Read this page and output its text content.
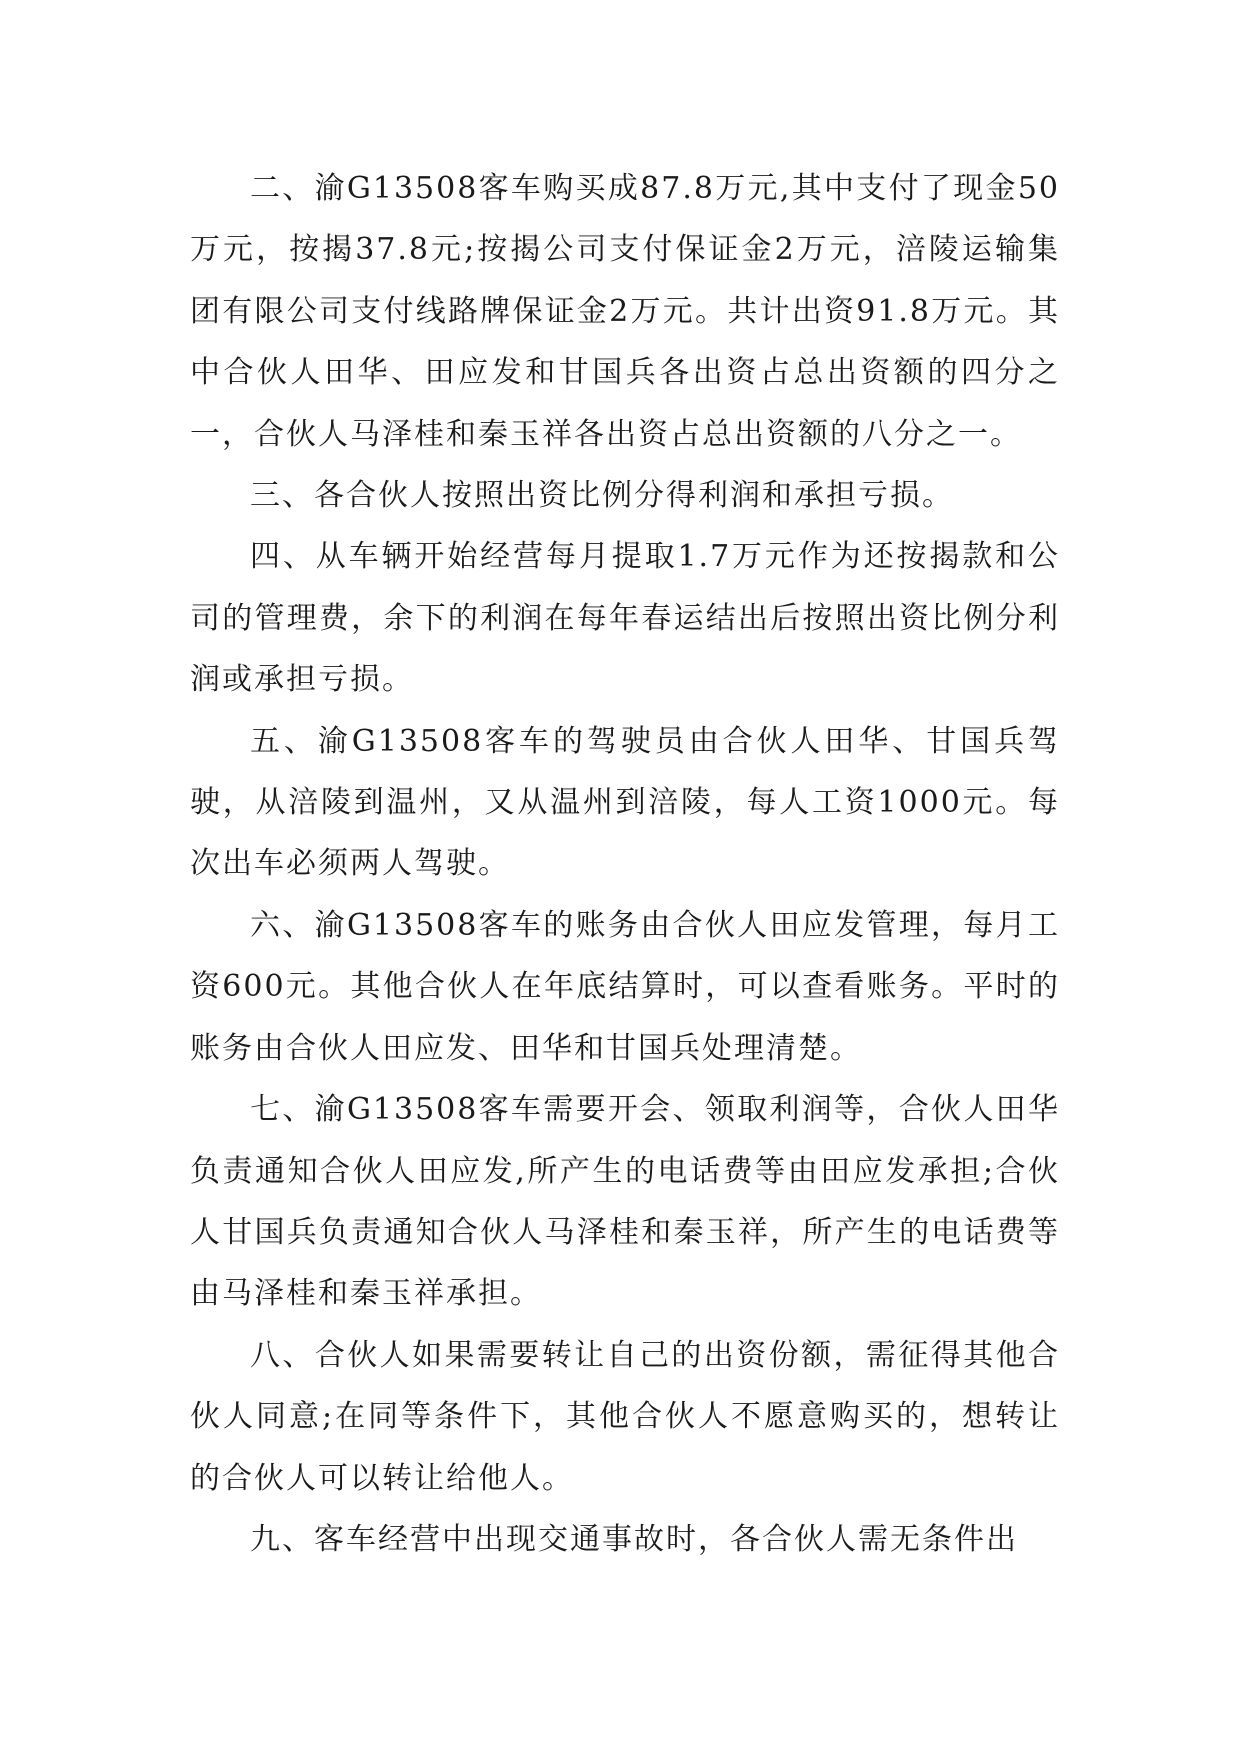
二、渝G13508客车购买成87.8万元,其中支付了现金50万元，按揭37.8元;按揭公司支付保证金2万元，涪陵运输集团有限公司支付线路牌保证金2万元。共计出资91.8万元。其中合伙人田华、田应发和甘国兵各出资占总出资额的四分之一，合伙人马泽桂和秦玉祥各出资占总出资额的八分之一。

三、各合伙人按照出资比例分得利润和承担亏损。

四、从车辆开始经营每月提取1.7万元作为还按揭款和公司的管理费，余下的利润在每年春运结出后按照出资比例分利润或承担亏损。

五、渝G13508客车的驾驶员由合伙人田华、甘国兵驾驶，从涪陵到温州，又从温州到涪陵，每人工资1000元。每次出车必须两人驾驶。

六、渝G13508客车的账务由合伙人田应发管理，每月工资600元。其他合伙人在年底结算时，可以查看账务。平时的账务由合伙人田应发、田华和甘国兵处理清楚。

七、渝G13508客车需要开会、领取利润等，合伙人田华负责通知合伙人田应发,所产生的电话费等由田应发承担;合伙人甘国兵负责通知合伙人马泽桂和秦玉祥，所产生的电话费等由马泽桂和秦玉祥承担。

八、合伙人如果需要转让自己的出资份额，需征得其他合伙人同意;在同等条件下，其他合伙人不愿意购买的，想转让的合伙人可以转让给他人。

九、客车经营中出现交通事故时，各合伙人需无条件出
